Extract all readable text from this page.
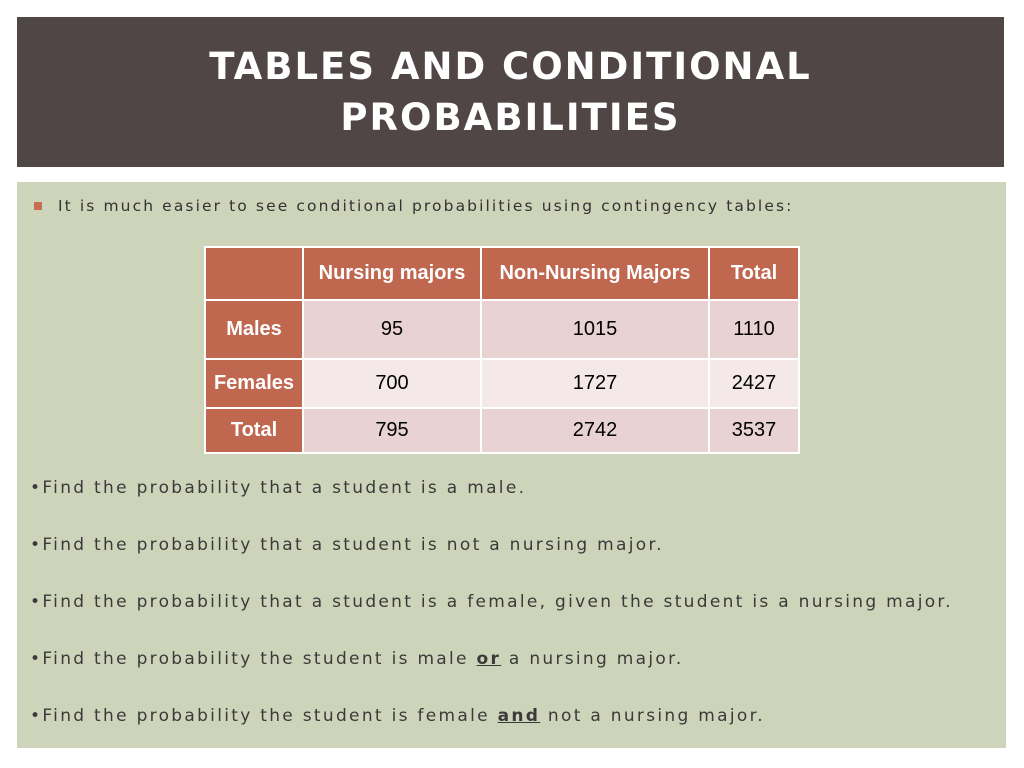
TABLES AND CONDITIONAL
PROBABILITIES
It is much easier to see conditional probabilities using contingency tables:
	Nursing majors	Non-Nursing Majors	Total
Males	95	1015	1110
Females	700	1727	2427
Total	795	2742	3537
•Find the probability that a student is a male.
•Find the probability that a student is not a nursing major.
•Find the probability that a student is a female, given the student is a nursing major.
•Find the probability the student is male or a nursing major.
•Find the probability the student is female and not a nursing major.
